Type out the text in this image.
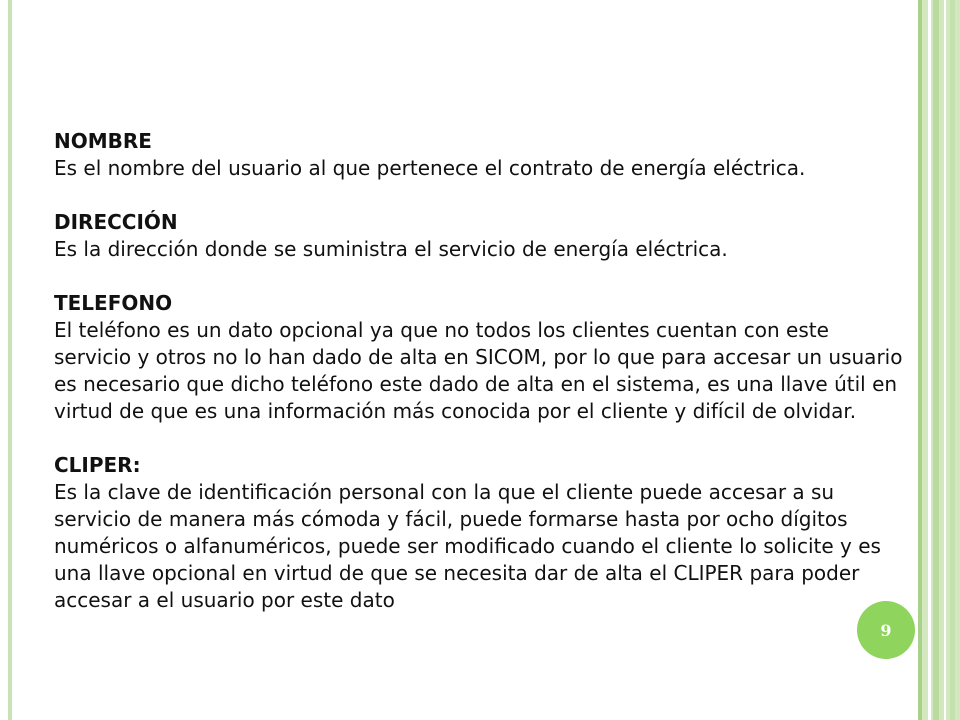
NOMBRE

Es el nombre del usuario al que pertenece el contrato de energía eléctrica.

DIRECCIÓN

Es la dirección donde se suministra el servicio de energía eléctrica.

TELEFONO

El teléfono es un dato opcional ya que no todos los clientes cuentan con este servicio y otros no lo han dado de alta en SICOM, por lo que para accesar un usuario es necesario que dicho teléfono este dado de alta en el sistema, es una llave útil en virtud de que es una información más conocida por el cliente y difícil de olvidar.

CLIPER:

Es la clave de identificación personal con la que el cliente puede accesar a su servicio de manera más cómoda y fácil, puede formarse hasta por ocho dígitos numéricos o alfanuméricos, puede ser modificado cuando el cliente lo solicite y es una llave opcional en virtud de que se necesita dar de alta el CLIPER para poder accesar a el usuario por este dato

9
